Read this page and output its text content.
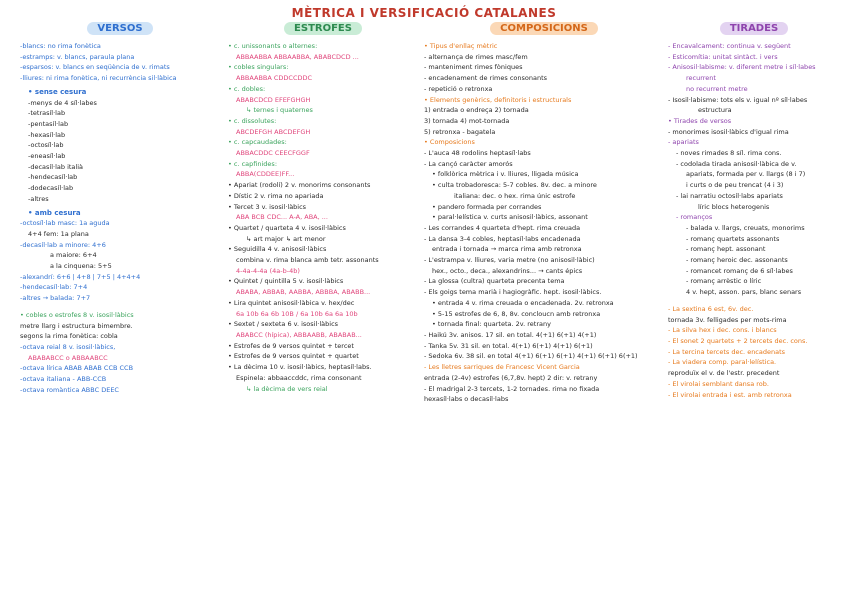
MÈTRICA I VERSIFICACIÓ CATALANES
VERSOS
-blancs: no rima fonètica
-estramps: v. blancs, paraula plana
-esparsos: v. blancs en seqüència de v. rimats
-lliures: ni rima fonètica, ni recurrència sil·làbica
• sense cesura
-menys de 4 síl·labes
-tetrasíl·lab
-pentasíl·lab
-hexasíl·lab
-octosíl·lab
-eneasíl·lab
-decasíl·lab italià
-hendecasíl·lab
-dodecasíl·lab
-altres
• amb cesura
-octosíl·lab masc: 1a aguda
4+4 fem: 1a plana
-decasíl·lab a minore: 4+6
a maiore: 6+4
a la cinquena: 5+5
-alexandrí: 6+6 | 4+8 | 7+5 | 4+4+4
-hendecasíl·lab: 7+4
-altres → balada: 7+7
• cobles o estrofes 8 v. isosil·làbics
metre llarg i estructura bimembre.
segons la rima fonètica: cobla
-octava reial 8 v. isosil·làbics,
ABABABCC o ABBAABCC
-octava lírica ABAB ABAB CCB CCB
-octava italiana - ABB-CCB
-octava romàntica ABBC DEEC
ESTROFES
• c. unissonants o alternes:
ABBAABBA ABBAABBA, ABABCDCD ...
• cobles singulars:
ABBAABBA CDDCCDDC
• c. dobles:
ABABCDCD EFEFGHGH
↳ ternes i quaternes
• c. dissolutes:
ABCDEFGH ABCDEFGH
• c. capcaudades:
ABBACDDC CEECFGGF
• c. capfinides:
ABBA(CDDEE)FF...
• Apariat (rodolí) 2 v. monorims consonants
• Dístic 2 v. rima no apariada
• Tercet 3 v. isosil·làbics
ABA BCB CDC... A-A, ABA, ...
• Quartet / quarteta 4 v. isosil·làbics
↳ art major ↳ art menor
• Seguidilla 4 v. anisosil·làbics
combina v. rima blanca amb tetr. assonants
4-4a-4-4a (4a-b-4b)
• Quintet / quintilla 5 v. isosil·làbics
ABABA, ABBAB, AABBA, ABBBA, ABABB...
• Lira quintet anisosil·làbica v. hex/dec
6a 10b 6a 6b 10B / 6a 10b 6a 6a 10b
• Sextet / sexteta 6 v. isosil·làbics
ABABCC (hípica), ABBAABB, ABABAB...
• Estrofes de 9 versos quintet + tercet
• Estrofes de 9 versos quintet + quartet
• La dècima 10 v. isosil·làbics, heptasíl·labs.
Espinela: abbaaccddc, rima consonant
↳ la dècima de vers reial
COMPOSICIONS
• Tipus d'enllaç mètric
- alternança de rimes masc/fem
- manteniment rimes fòniques
- encadenament de rimes consonants
- repetició o retronxa
• Elements genèrics, definitoris i estructurals
1) entrada o endreça 2) tornada
3) tornada 4) mot-tornada
5) retronxa - bagatela
• Composicions
- L'auca 48 rodolins heptasíl·labs
- La cançó caràcter amorós
• folklòrica mètrica i v. lliures, lligada música
• culta trobadoresca: 5-7 cobles. 8v. dec. a minore
italiana: dec. o hex. rima únic estrofe
• pandero formada per corrandes
• paral·lelística v. curts anisosil·làbics, assonant
- Les corrandes 4 quarteta d'hept. rima creuada
- La dansa 3-4 cobles, heptasíl·labs encadenada
entrada i tornada → marca rima amb retronxa
- L'estrampa v. lliures, varia metre (no anisosil·làbic)
hex., octo., deca., alexandrins... → cants épics
- La glossa (cultra) quarteta precenta tema
- Els goigs tema marià i hagiogràfic. hept. isosil·làbics.
• entrada 4 v. rima creuada o encadenada. 2v. retronxa
• 5-15 estrofes de 6, 8, 8v. concloucn amb retronxa
• tornada final: quarteta. 2v. retrany
- Haikú 3v. anisos. 17 sil. en total. 4(+1) 6(+1) 4(+1)
- Tanka 5v. 31 sil. en total. 4(+1) 6(+1) 4(+1) 6(+1)
- Sedoka 6v. 38 sil. en total 4(+1) 6(+1) 6(+1) 4(+1) 6(+1) 6(+1)
- Les lletres sarriques de Francesc Vicent Garcia
entrada (2-4v) estrofes (6,7,8v. hept) 2 dir: v. retrany
- El madrigal 2-3 tercets, 1-2 tornades. rima no fixada
hexasíl·labs o decasíl·labs
TIRADES
- Encavalcament: continua v. següent
- Esticomítia: unitat sintàct. i vers
- Anisosil·labisme: v. diferent metre i síl·labes
recurrent
no recurrent metre
- Isosil·labisme: tots els v. igual nº síl·labes
estructura
• Tirades de versos
- monorimes isosil·làbics d'igual rima
- apariats
- noves rimades 8 síl. rima cons.
- codolada tirada anisosil·làbica de v.
apariats, formada per v. llargs (8 i 7)
i curts o de peu trencat (4 i 3)
- lai narratiu octosíl·labs apariats
líric blocs heterogenis
- romanços
- balada v. llargs, creuats, monorims
- romanç quartets assonants
- romanç hept. assonant
- romanç heroic dec. assonants
- romancet romanç de 6 síl·labes
- romanç arrèstic o líric
4 v. hept, asson. pars, blanc senars
- La sextina 6 est, 6v. dec.
tornada 3v. felligades per mots-rima
- La silva hex i dec. cons. i blancs
- El sonet 2 quartets + 2 tercets dec. cons.
- La tercina tercets dec. encadenats
- La viadera comp. paral·lelística.
reproduïx el v. de l'estr. precedent
- El virolai semblant dansa rob.
- El virolai entrada i est. amb retronxa
